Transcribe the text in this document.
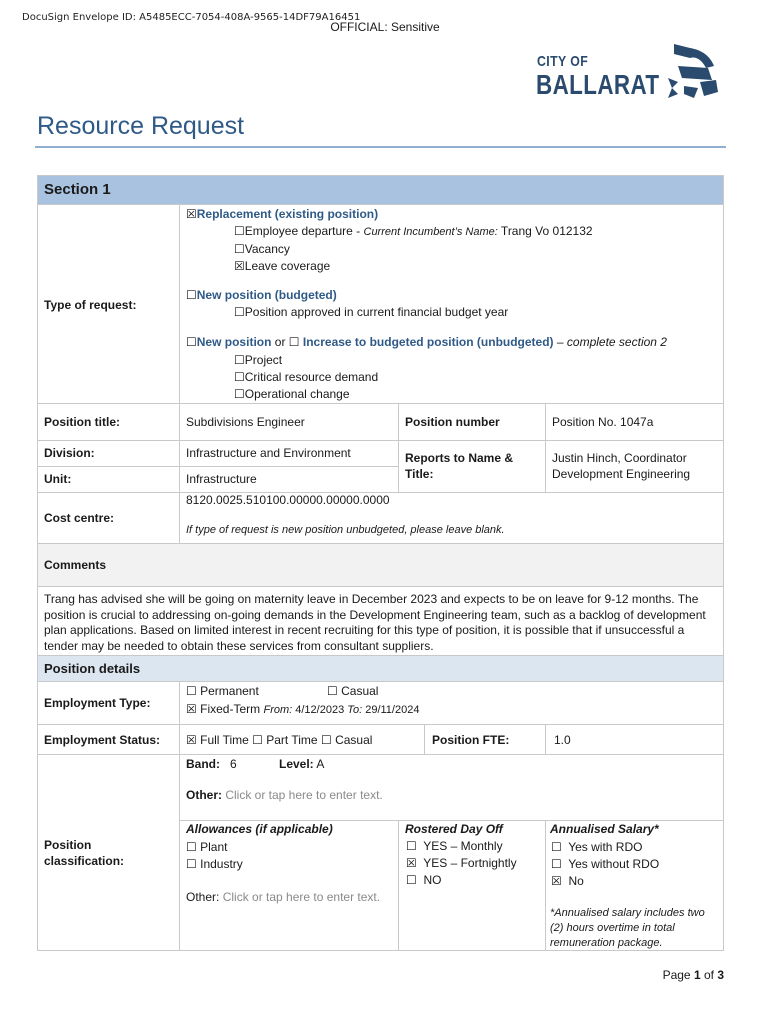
DocuSign Envelope ID: A5485ECC-7054-408A-9565-14DF79A16451
OFFICIAL: Sensitive
CITY OF
BALLARAT
Resource Request
Section 1
Type of request:
☒Replacement (existing position)
☐Employee departure - Current Incumbent’s Name: Trang Vo 012132
☐Vacancy
☒Leave coverage
☐New position (budgeted)
☐Position approved in current financial budget year
☐New position or ☐ Increase to budgeted position (unbudgeted) – complete section 2
☐Project
☐Critical resource demand
☐Operational change
Position title:	Subdivisions Engineer	Position number	Position No. 1047a
Division:	Infrastructure and Environment
Unit:	Infrastructure
Reports to Name & Title:
Justin Hinch, Coordinator Development Engineering
Cost centre:
8120.0025.510100.00000.00000.0000
If type of request is new position unbudgeted, please leave blank.
Comments
Trang has advised she will be going on maternity leave in December 2023 and expects to be on leave for 9-12 months. The position is crucial to addressing on-going demands in the Development Engineering team, such as a backlog of development plan applications. Based on limited interest in recent recruiting for this type of position, it is possible that if unsuccessful a tender may be needed to obtain these services from consultant suppliers.
Position details
Employment Type:
☐ Permanent	☐ Casual
☒ Fixed-Term From: 4/12/2023 To: 29/11/2024
Employment Status: ☒ Full Time ☐ Part Time ☐ Casual	Position FTE:	1.0
Position classification:
Band: 6	Level: A
Other: Click or tap here to enter text.
Allowances (if applicable)
☐ Plant
☐ Industry
Other: Click or tap here to enter text.
Rostered Day Off
☐ YES – Monthly
☒ YES – Fortnightly
☐ NO
Annualised Salary*
☐ Yes with RDO
☐ Yes without RDO
☒ No
*Annualised salary includes two (2) hours overtime in total remuneration package.
Page 1 of 3
